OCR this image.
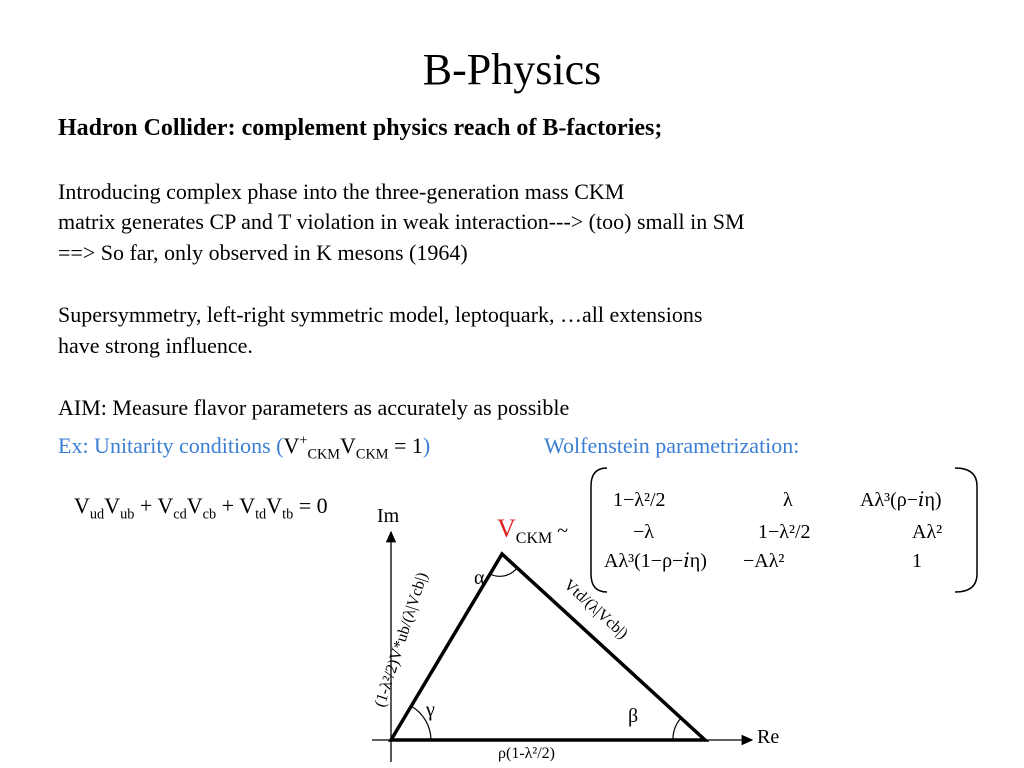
B-Physics
Hadron Collider: complement physics reach of B-factories;
Introducing complex phase into the three-generation mass CKM
matrix generates CP and T violation in weak interaction---> (too) small in SM
==> So far, only observed in K mesons (1964)
Supersymmetry, left-right symmetric model, leptoquark, …all extensions
have strong influence.
AIM: Measure flavor parameters as accurately as possible
Ex: Unitarity conditions $(V^+_{CKM}V_{CKM} = 1)$	Wolfenstein parametrization:
$V_{ud}V_{ub} + V_{cd}V_{cb} + V_{td}V_{tb} = 0$
$V_{CKM}$ ~
1−λ²/2	λ	Aλ³(ρ−𝑖η)
−λ	1−λ²/2	Aλ²
Aλ³(1−ρ−𝑖η) −Aλ²	1
Im
Re
α
γ	β
ρ(1-λ²/2)
(1-λ²/2)V*ub/(λ|Vcb|)	Vtd/(λ|Vcb|)
